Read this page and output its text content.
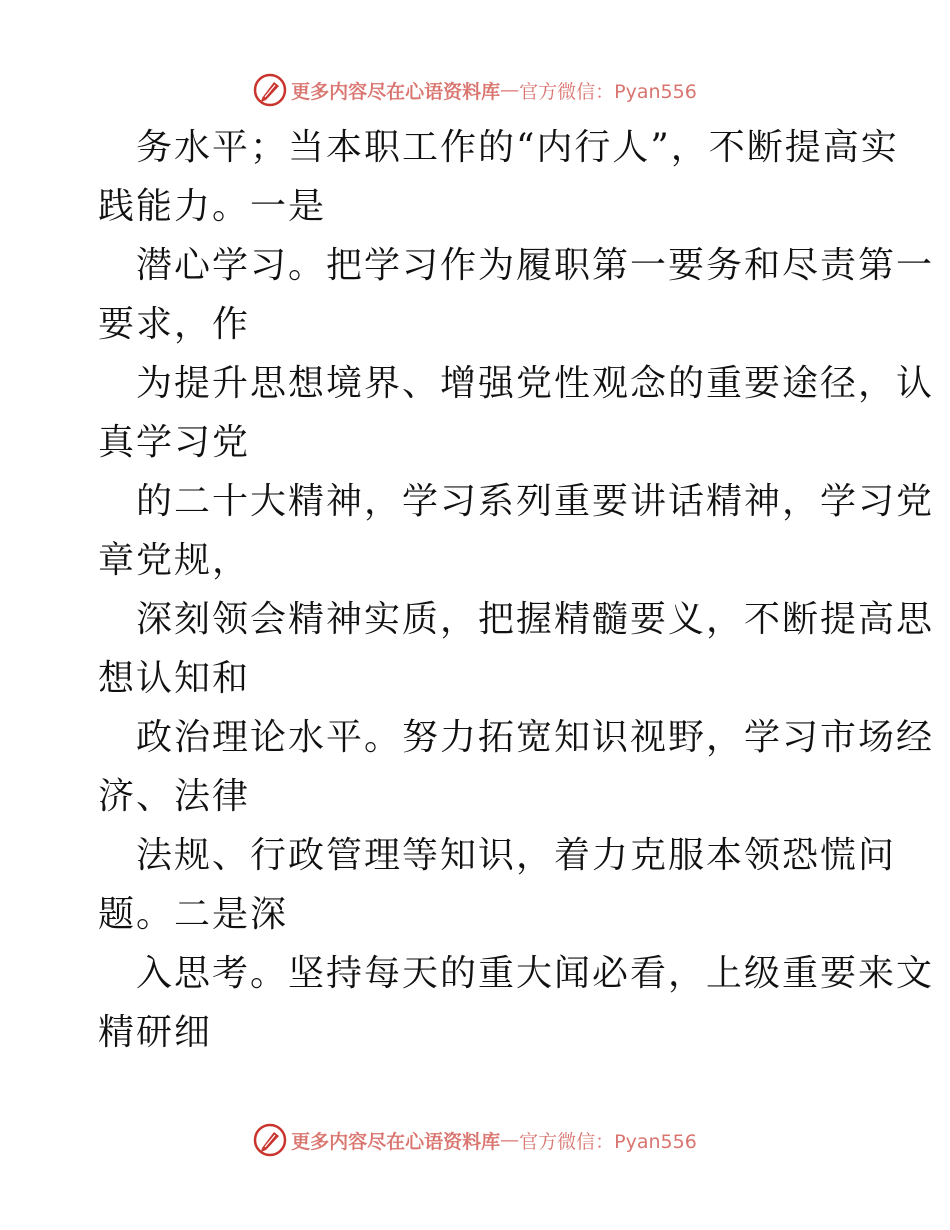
更多内容尽在心语资料库 — 官方微信：Pyan556
务水平；当本职工作的“内行人”，不断提高实
践能力。一是
潜心学习。把学习作为履职第一要务和尽责第一
要求，作
为提升思想境界、增强党性观念的重要途径，认
真学习党
的二十大精神，学习系列重要讲话精神，学习党
章党规，
深刻领会精神实质，把握精髓要义，不断提高思
想认知和
政治理论水平。努力拓宽知识视野，学习市场经
济、法律
法规、行政管理等知识，着力克服本领恐慌问
题。二是深
入思考。坚持每天的重大闻必看，上级重要来文
精研细
更多内容尽在心语资料库 — 官方微信：Pyan556
